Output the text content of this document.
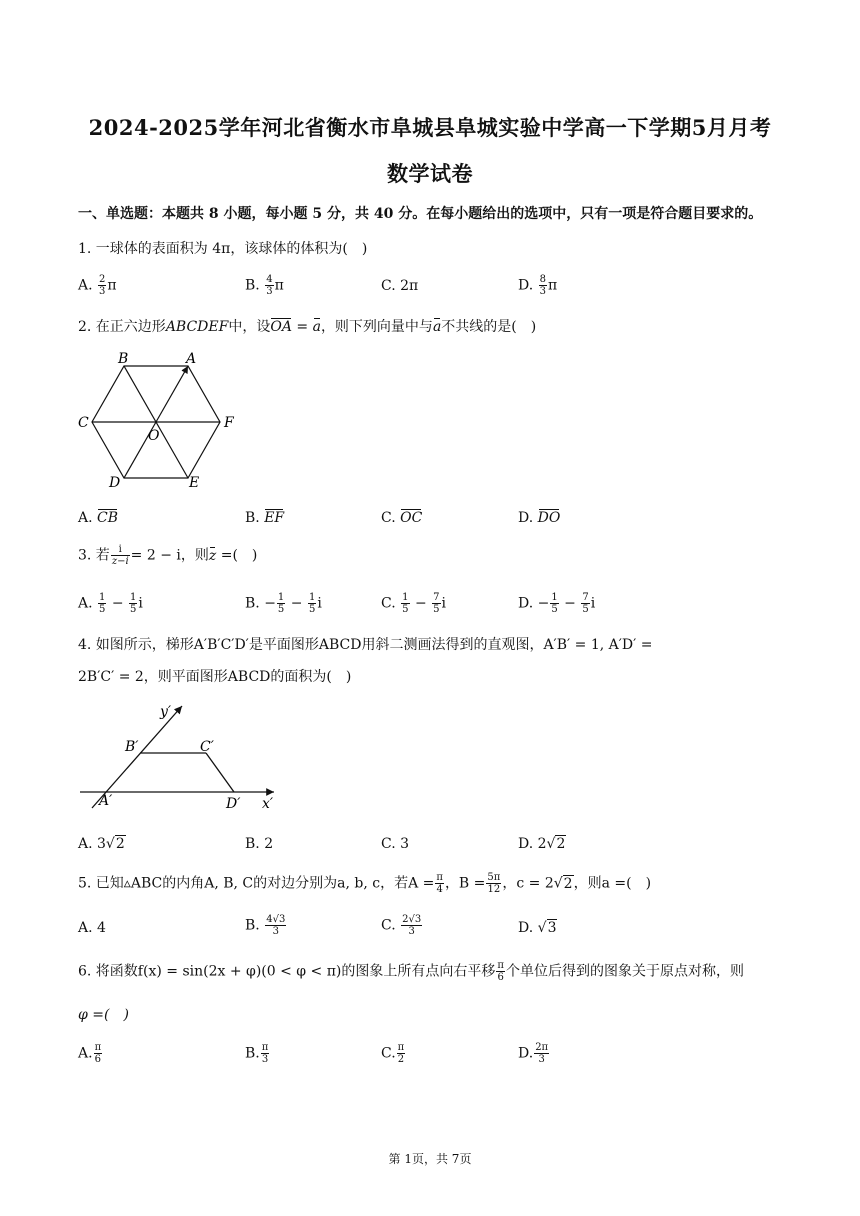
2024-2025学年河北省衡水市阜城县阜城实验中学高一下学期5月月考
数学试卷
一、单选题：本题共 8 小题，每小题 5 分，共 40 分。在每小题给出的选项中，只有一项是符合题目要求的。
1. 一球体的表面积为 4π，该球体的体积为(　)
A. $\frac{2}{3}$ π	B. $\frac{4}{3}$ π	C. 2π	D. $\frac{8}{3}$ π
2. 在正六边形ABCDEF中，设OA = a，则下列向量中与a不共线的是(　)
B	A
C	F
O
D	E
A. CB	B. EF	C. OC	D. DO
3. 若 $\frac{i}{z-i} = 2 - i$，则z =(　)
A. $\frac{1}{5} - \frac{1}{5}$ i	B. − $\frac{1}{5} - \frac{1}{5}$ i	C. $\frac{1}{5} - \frac{7}{5}$ i	D. − $\frac{1}{5} - \frac{7}{5}$ i
4. 如图所示，梯形A′B′C′D′是平面图形ABCD用斜二测画法得到的直观图，A′B′ = 1, A′D′ =
2B′C′ = 2，则平面图形ABCD的面积为(　)
y′
B′	C′
A′	D′ x′
A. 3√2	B. 2	C. 3	D. 2√2
5. 已知▵ABC的内角A, B, C的对边分别为a, b, c，若$A = \frac{\pi}{4}$ ，$B = \frac{5\pi}{12}$ ，c = 2√2，则a =(　)
A. 4	B. $\frac{4√3}{3}$	C. $\frac{2√3}{3}$	D. √3
6. 将函数f(x) = sin(2x + φ)(0 < φ < π)的图象上所有点向右平移 $\frac{\pi}{6}$ 个单位后得到的图象关于原点对称，则
φ =(　)
A. $\frac{\pi}{6}$	B. $\frac{\pi}{3}$	C. $\frac{\pi}{2}$	D. $\frac{2\pi}{3}$
第 1页，共 7页
